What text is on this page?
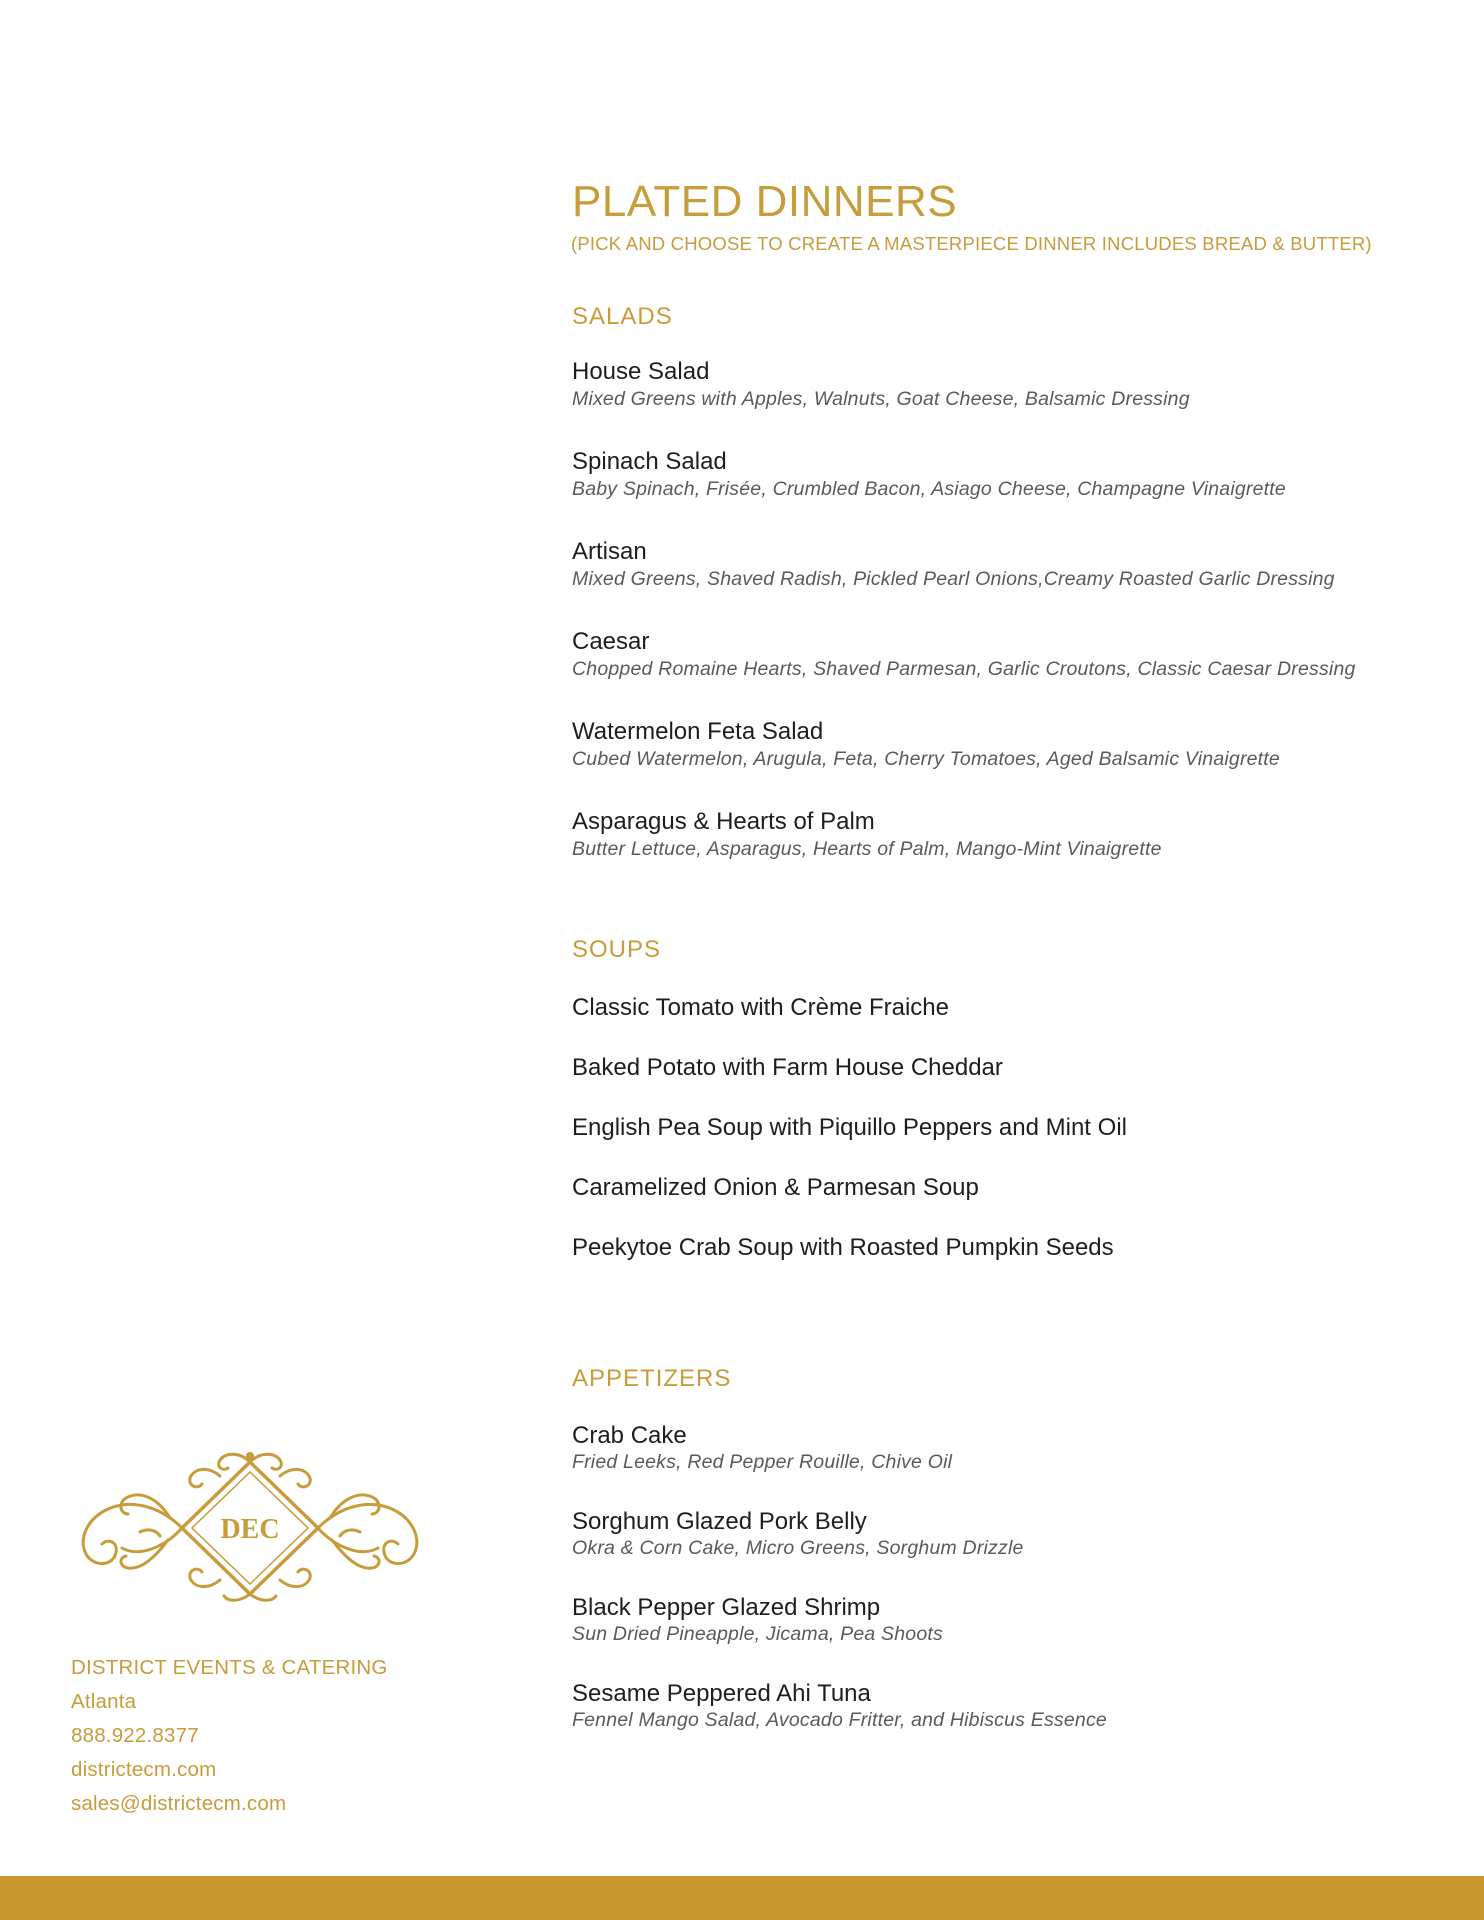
PLATED DINNERS
(PICK AND CHOOSE TO CREATE A MASTERPIECE DINNER INCLUDES BREAD & BUTTER)
SALADS
House Salad
Mixed Greens with Apples, Walnuts, Goat Cheese, Balsamic Dressing
Spinach Salad
Baby Spinach, Frisée, Crumbled Bacon, Asiago Cheese, Champagne Vinaigrette
Artisan
Mixed Greens, Shaved Radish, Pickled Pearl Onions,Creamy Roasted Garlic Dressing
Caesar
Chopped Romaine Hearts, Shaved Parmesan, Garlic Croutons, Classic Caesar Dressing
Watermelon Feta Salad
Cubed Watermelon, Arugula, Feta, Cherry Tomatoes, Aged Balsamic Vinaigrette
Asparagus & Hearts of Palm
Butter Lettuce, Asparagus, Hearts of Palm, Mango-Mint Vinaigrette
SOUPS
Classic Tomato with Crème Fraiche
Baked Potato with Farm House Cheddar
English Pea Soup with Piquillo Peppers and Mint Oil
Caramelized Onion & Parmesan Soup
Peekytoe Crab Soup with Roasted Pumpkin Seeds
APPETIZERS
Crab Cake
Fried Leeks, Red Pepper Rouille, Chive Oil
Sorghum Glazed Pork Belly
Okra & Corn Cake, Micro Greens, Sorghum Drizzle
Black Pepper Glazed Shrimp
Sun Dried Pineapple, Jicama, Pea Shoots
Sesame Peppered Ahi Tuna
Fennel Mango Salad, Avocado Fritter, and Hibiscus Essence
DEC
DISTRICT EVENTS & CATERING
Atlanta
888.922.8377
districtecm.com
sales@districtecm.com
